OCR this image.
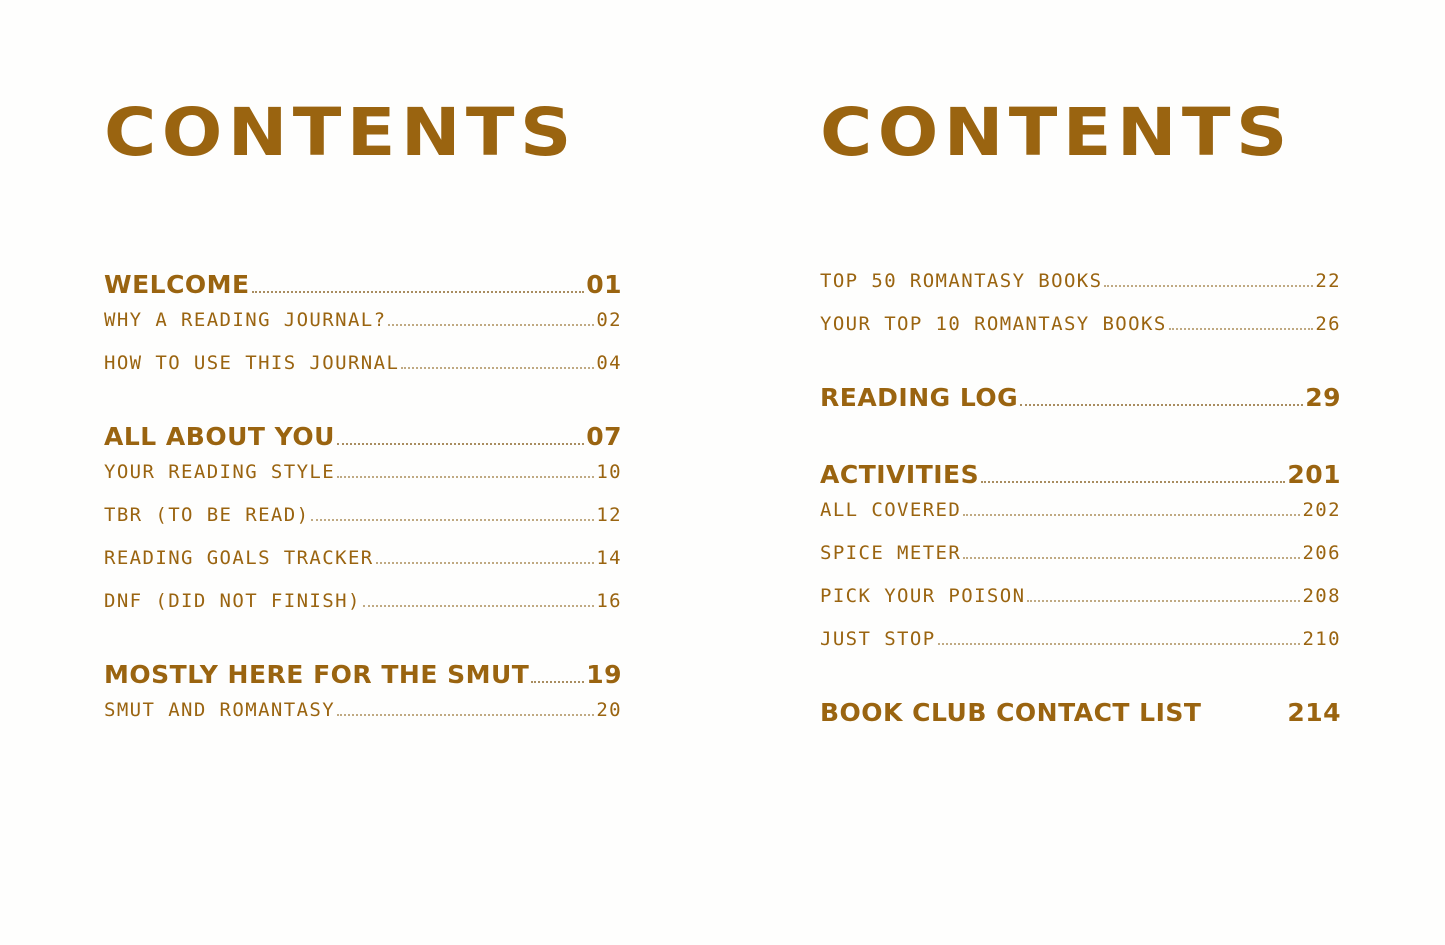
CONTENTS
WELCOME	01
WHY A READING JOURNAL?	02
HOW TO USE THIS JOURNAL	04
ALL ABOUT YOU	07
YOUR READING STYLE	10
TBR (TO BE READ)	12
READING GOALS TRACKER	14
DNF (DID NOT FINISH)	16
MOSTLY HERE FOR THE SMUT 19
SMUT AND ROMANTASY	20
CONTENTS
TOP 50 ROMANTASY BOOKS	22
YOUR TOP 10 ROMANTASY BOOKS	26
READING LOG	29
ACTIVITIES	201
ALL COVERED	202
SPICE METER	206
PICK YOUR POISON	208
JUST STOP	210
BOOK CLUB CONTACT LIST	214
